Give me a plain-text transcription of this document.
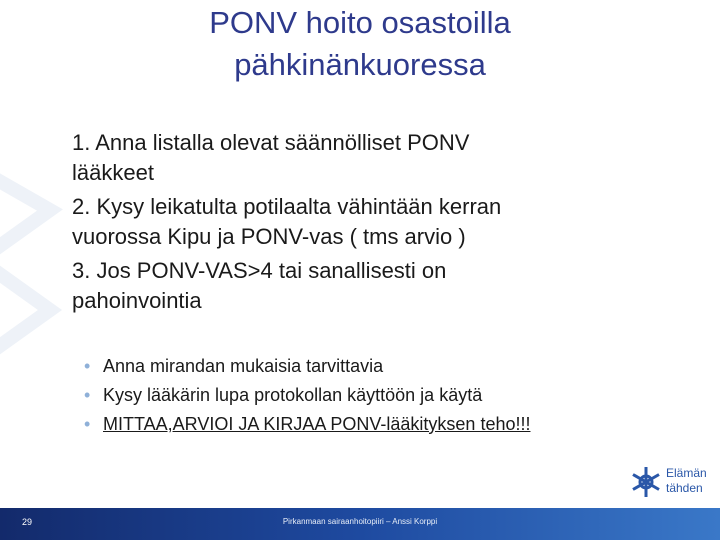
PONV hoito osastoilla
pähkinänkuoressa
1. Anna listalla olevat säännölliset PONV
lääkkeet
2. Kysy leikatulta potilaalta vähintään kerran
vuorossa Kipu ja PONV-vas ( tms arvio )
3. Jos PONV-VAS>4 tai sanallisesti on
pahoinvointia
• Anna mirandan mukaisia tarvittavia
• Kysy lääkärin lupa protokollan käyttöön ja käytä
• MITTAA,ARVIOI JA KIRJAA PONV-lääkityksen teho!!!
Elämän
tähden
Pirkanmaan sairaanhoitopiiri – Anssi Korppi
29
